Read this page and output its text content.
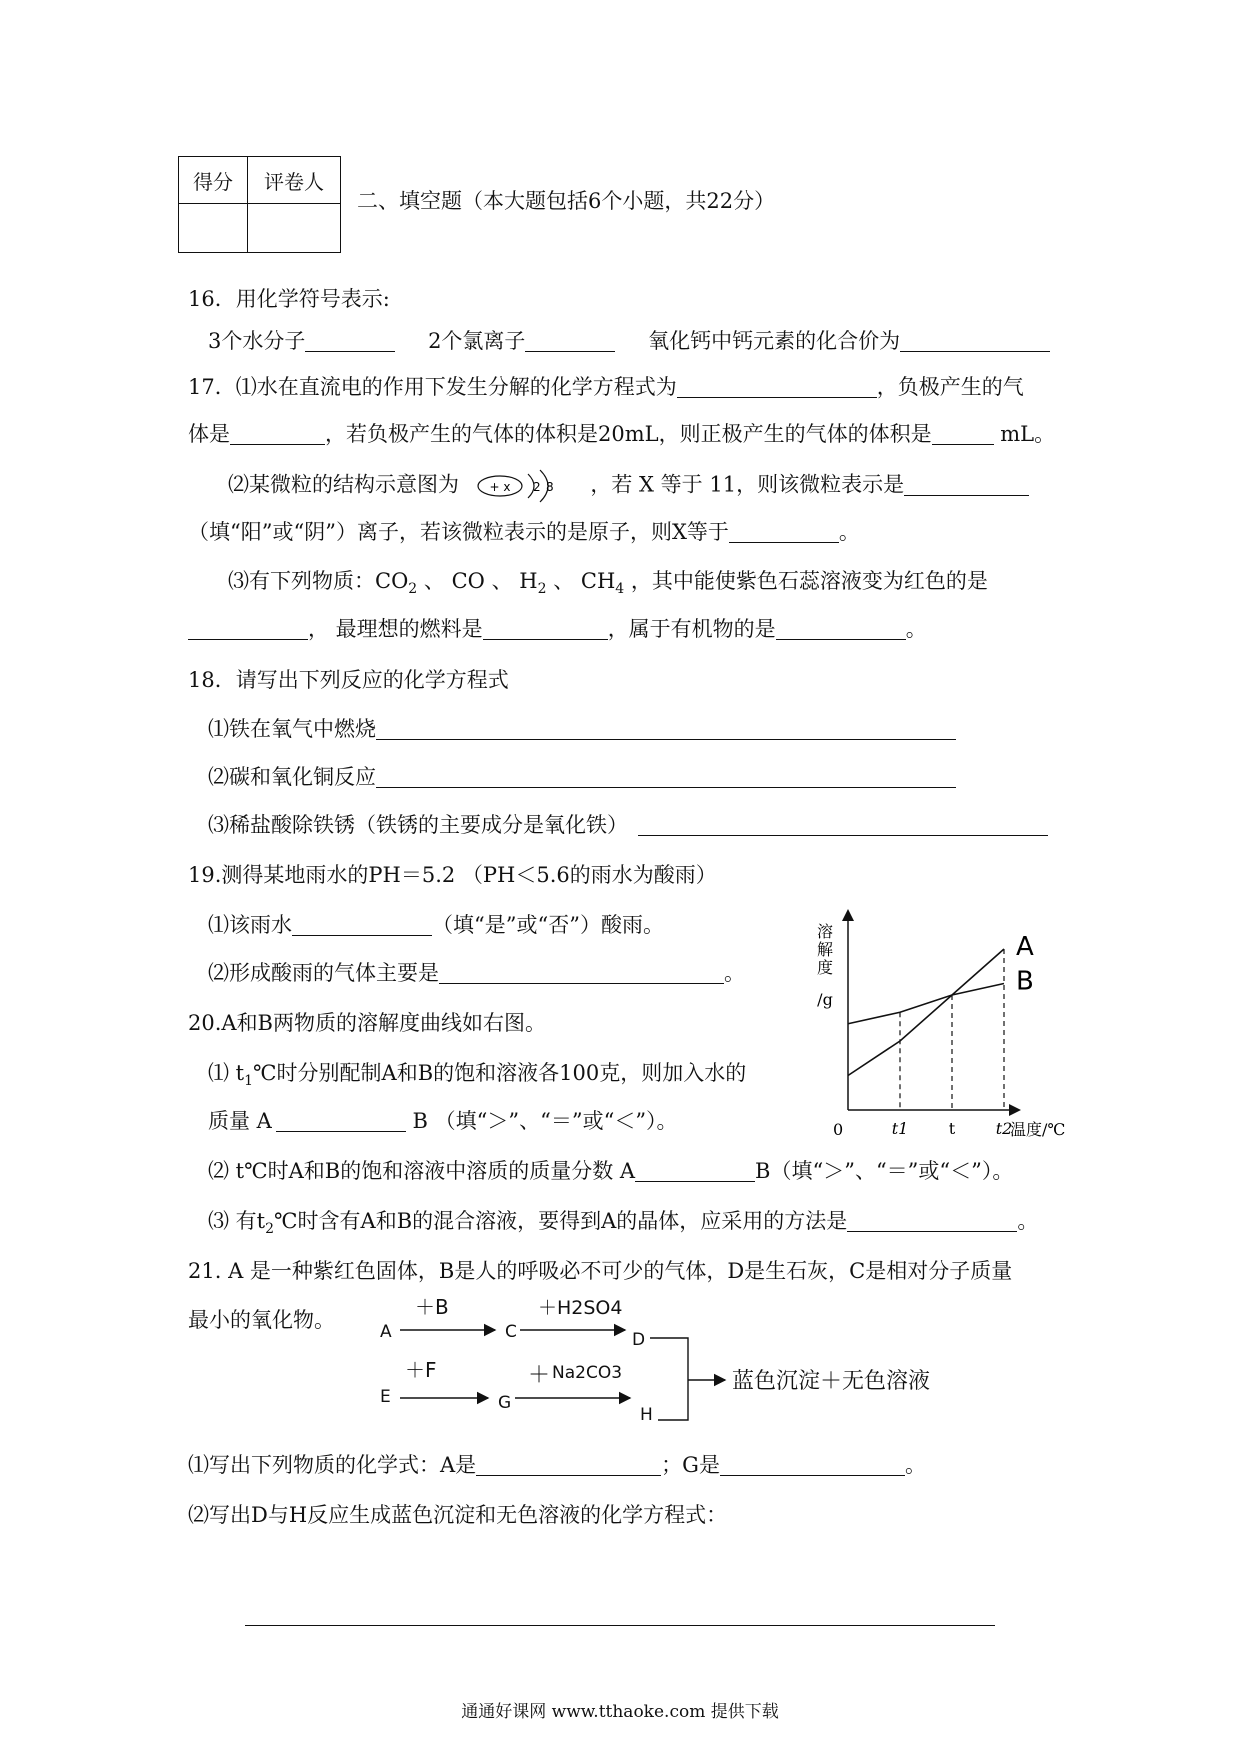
得分	评卷人

二、填空题（本大题包括6个小题，共22分）
16．用化学符号表示:
3个水分子	2个氯离子	氧化钙中钙元素的化合价为
17．⑴水在直流电的作用下发生分解的化学方程式为	，负极产生的气
体是	，若负极产生的气体的体积是20mL，则正极产生的气体的体积是	mL。
⑵某微粒的结构示意图为	+ x 2 8 ，若 X 等于 11，则该微粒表示是
（填“阳”或“阴”）离子，若该微粒表示的是原子，则X等于	。
⑶有下列物质：$CO_2$ 、 CO 、 $H_2$ 、 $CH_4$ ，其中能使紫色石蕊溶液变为红色的是
， 最理想的燃料是	，属于有机物的是	。
18．请写出下列反应的化学方程式
⑴铁在氧气中燃烧
⑵碳和氧化铜反应
⑶稀盐酸除铁锈（铁锈的主要成分是氧化铁）
19.测得某地雨水的PH＝5.2 （PH＜5.6的雨水为酸雨）
⑴该雨水	（填“是”或“否”）酸雨。
⑵形成酸雨的气体主要是	。
20.A和B两物质的溶解度曲线如右图。
⑴ $t_1℃$时分别配制A和B的饱和溶液各100克，则加入水的
质量 A	B （填“＞”、“＝”或“＜”）。
⑵ t℃时A和B的饱和溶液中溶质的质量分数 A	B（填“＞”、“＝”或“＜”）。
⑶ 有$t_2℃$时含有A和B的混合溶液，要得到A的晶体，应采用的方法是	。
溶
解
度
/g
0	温度/℃
A
B
t1	t	t2
21. A 是一种紫红色固体，B是人的呼吸必不可少的气体，D是生石灰，C是相对分子质量
最小的氧化物。	A
＋B
C
＋H2SO4
D
E
＋F
G
＋ Na2CO3
H
蓝色沉淀＋无色溶液
⑴写出下列物质的化学式：A是	；G是	。
⑵写出D与H反应生成蓝色沉淀和无色溶液的化学方程式：
通通好课网 www.tthaoke.com 提供下载
